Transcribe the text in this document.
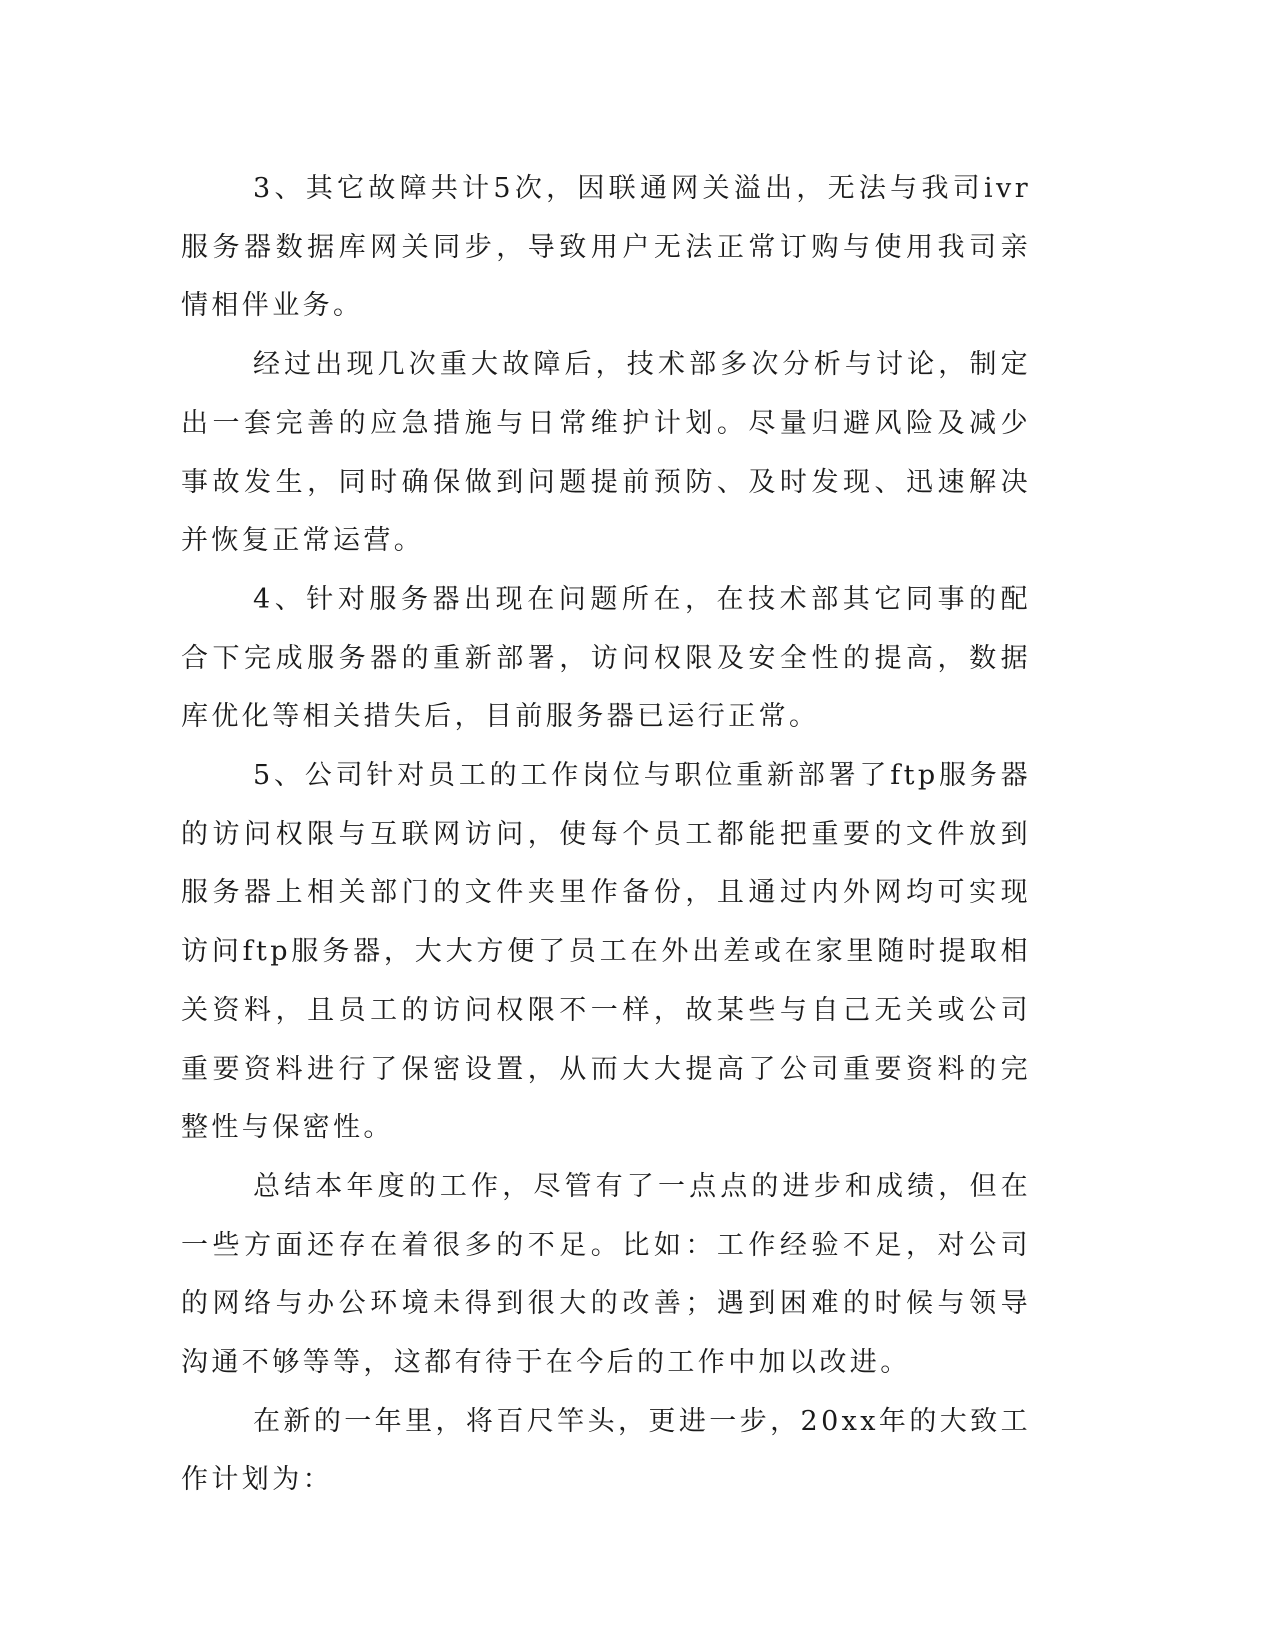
3、其它故障共计5次，因联通网关溢出，无法与我司ivr服务器数据库网关同步，导致用户无法正常订购与使用我司亲情相伴业务。

经过出现几次重大故障后，技术部多次分析与讨论，制定出一套完善的应急措施与日常维护计划。尽量归避风险及减少事故发生，同时确保做到问题提前预防、及时发现、迅速解决并恢复正常运营。

4、针对服务器出现在问题所在，在技术部其它同事的配合下完成服务器的重新部署，访问权限及安全性的提高，数据库优化等相关措失后，目前服务器已运行正常。

5、公司针对员工的工作岗位与职位重新部署了ftp服务器的访问权限与互联网访问，使每个员工都能把重要的文件放到服务器上相关部门的文件夹里作备份，且通过内外网均可实现访问ftp服务器，大大方便了员工在外出差或在家里随时提取相关资料，且员工的访问权限不一样，故某些与自己无关或公司重要资料进行了保密设置，从而大大提高了公司重要资料的完整性与保密性。

总结本年度的工作，尽管有了一点点的进步和成绩，但在一些方面还存在着很多的不足。比如：工作经验不足，对公司的网络与办公环境未得到很大的改善；遇到困难的时候与领导沟通不够等等，这都有待于在今后的工作中加以改进。

在新的一年里，将百尺竿头，更进一步，20xx年的大致工作计划为：
